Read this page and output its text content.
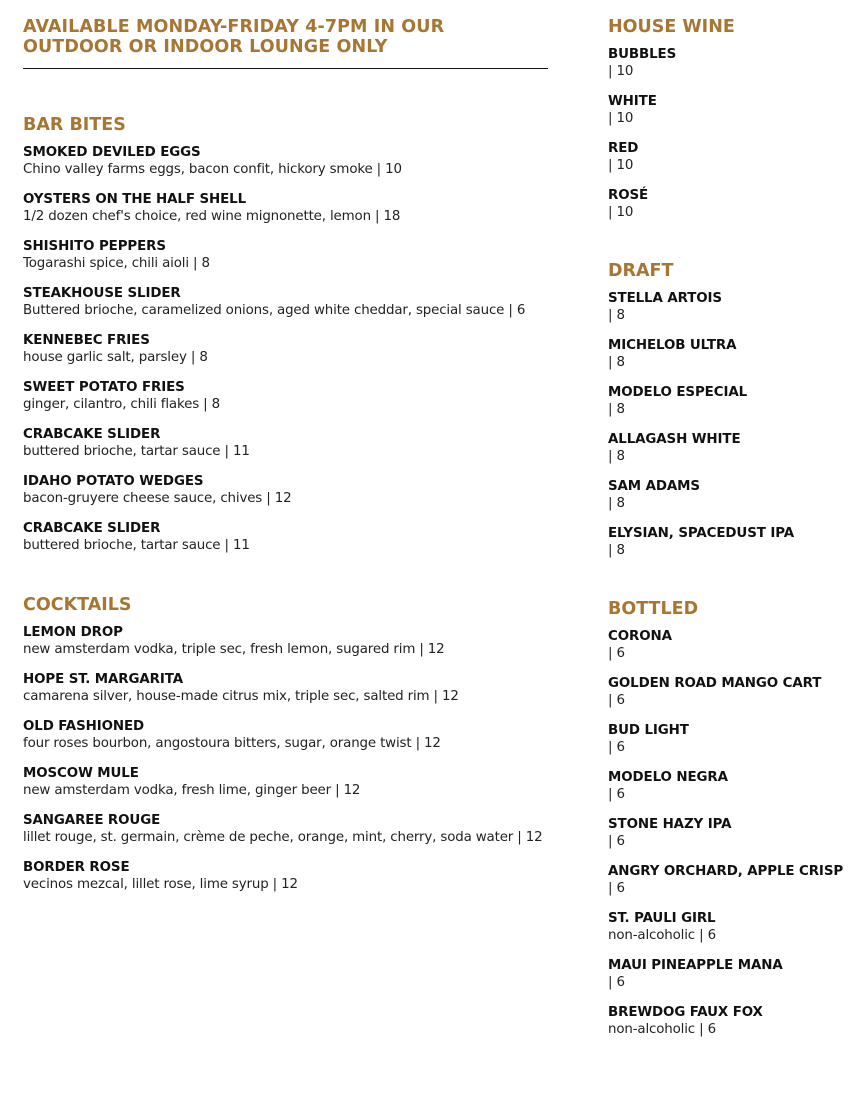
AVAILABLE MONDAY-FRIDAY 4-7PM IN OUR OUTDOOR OR INDOOR LOUNGE ONLY
BAR BITES
SMOKED DEVILED EGGS
Chino valley farms eggs, bacon confit, hickory smoke | 10
OYSTERS ON THE HALF SHELL
1/2 dozen chef's choice, red wine mignonette, lemon | 18
SHISHITO PEPPERS
Togarashi spice, chili aioli | 8
STEAKHOUSE SLIDER
Buttered brioche, caramelized onions, aged white cheddar, special sauce | 6
KENNEBEC FRIES
house garlic salt, parsley | 8
SWEET POTATO FRIES
ginger, cilantro, chili flakes | 8
CRABCAKE SLIDER
buttered brioche, tartar sauce | 11
IDAHO POTATO WEDGES
bacon-gruyere cheese sauce, chives | 12
CRABCAKE SLIDER
buttered brioche, tartar sauce | 11
COCKTAILS
LEMON DROP
new amsterdam vodka, triple sec, fresh lemon, sugared rim | 12
HOPE ST. MARGARITA
camarena silver, house-made citrus mix, triple sec, salted rim | 12
OLD FASHIONED
four roses bourbon, angostoura bitters, sugar, orange twist | 12
MOSCOW MULE
new amsterdam vodka, fresh lime, ginger beer | 12
SANGAREE ROUGE
lillet rouge, st. germain, crème de peche, orange, mint, cherry, soda water | 12
BORDER ROSE
vecinos mezcal, lillet rose, lime syrup | 12
HOUSE WINE
BUBBLES
| 10
WHITE
| 10
RED
| 10
ROSÉ
| 10
DRAFT
STELLA ARTOIS
| 8
MICHELOB ULTRA
| 8
MODELO ESPECIAL
| 8
ALLAGASH WHITE
| 8
SAM ADAMS
| 8
ELYSIAN, SPACEDUST IPA
| 8
BOTTLED
CORONA
| 6
GOLDEN ROAD MANGO CART
| 6
BUD LIGHT
| 6
MODELO NEGRA
| 6
STONE HAZY IPA
| 6
ANGRY ORCHARD, APPLE CRISP
| 6
ST. PAULI GIRL
non-alcoholic | 6
MAUI PINEAPPLE MANA
| 6
BREWDOG FAUX FOX
non-alcoholic | 6
